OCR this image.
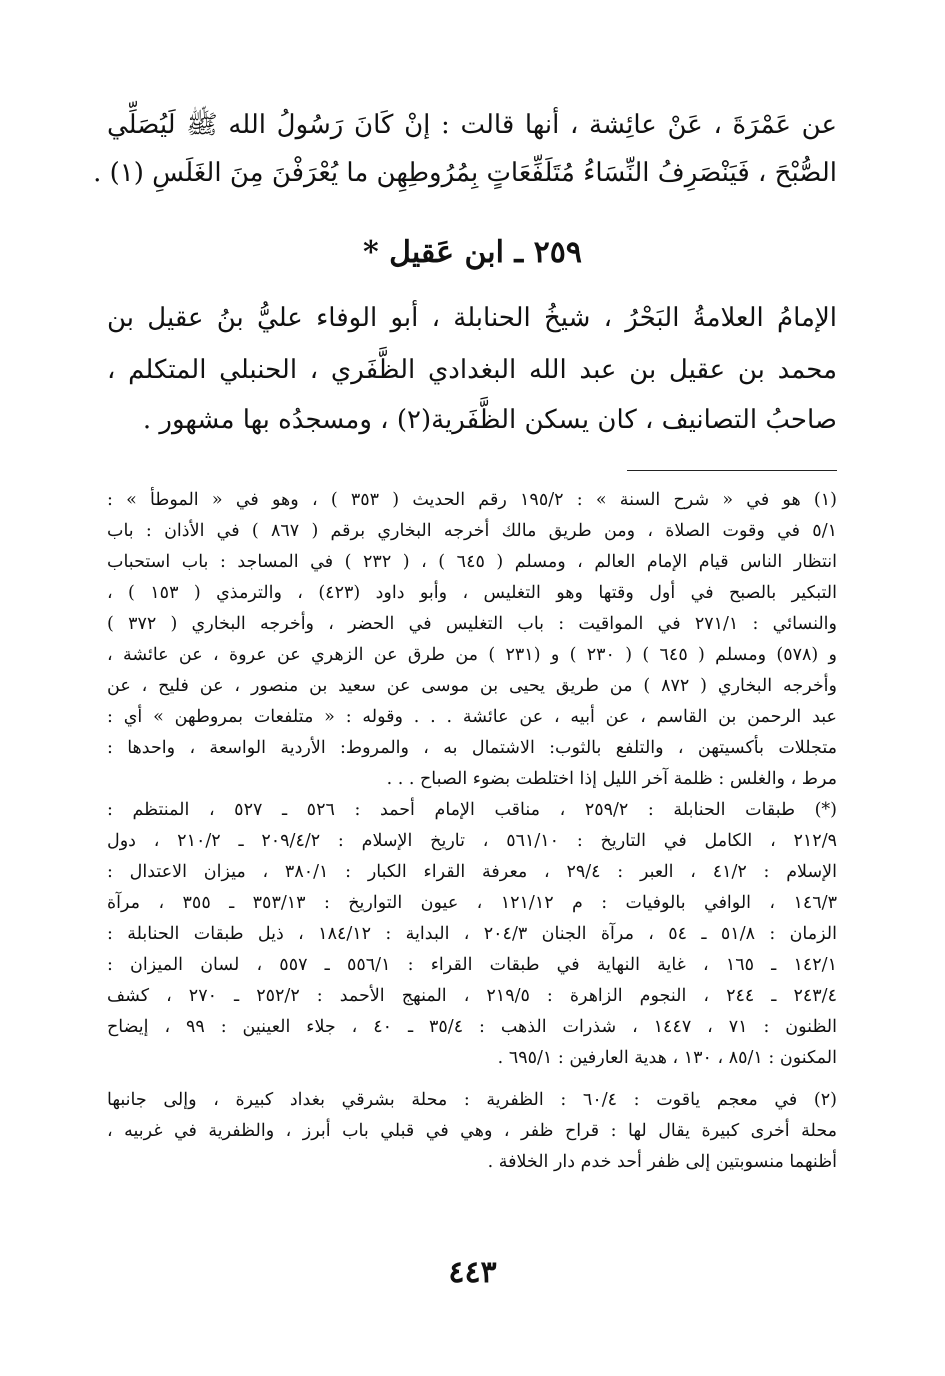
عن عَمْرَةَ ، عَنْ عائِشة ، أنها قالت : إنْ كَانَ رَسُولُ الله ﷺ لَيُصَلِّي
الصُّبْحَ ، فَيَنْصَرِفُ النِّسَاءُ مُتَلَفِّعَاتٍ بِمُرُوطِهِن ما يُعْرَفْنَ مِنَ الغَلَسِ (١) .
٢٥٩ ـ ابن عَقيل *
الإمامُ العلامةُ البَحْرُ ، شيخُ الحنابلة ، أبو الوفاء عليُّ بنُ عقيل بن
محمد بن عقيل بن عبد الله البغدادي الظَّفَري ، الحنبلي المتكلم ،
صاحبُ التصانيف ، كان يسكن الظَّفَرية(٢) ، ومسجدُه بها مشهور .
(١) هو في « شرح السنة » : ١٩٥/٢ رقم الحديث ( ٣٥٣ ) ، وهو في « الموطأ » :
٥/١ في وقوت الصلاة ، ومن طريق مالك أخرجه البخاري برقم ( ٨٦٧ ) في الأذان : باب
انتظار الناس قيام الإمام العالم ، ومسلم ( ٦٤٥ ) ، ( ٢٣٢ ) في المساجد : باب استحباب
التبكير بالصبح في أول وقتها وهو التغليس ، وأبو داود (٤٢٣) ، والترمذي ( ١٥٣ ) ،
والنسائي : ٢٧١/١ في المواقيت : باب التغليس في الحضر ، وأخرجه البخاري ( ٣٧٢ )
و (٥٧٨) ومسلم ( ٦٤٥ ) ( ٢٣٠ ) و (٢٣١ ) من طرق عن الزهري عن عروة ، عن عائشة ،
وأخرجه البخاري ( ٨٧٢ ) من طريق يحيى بن موسى عن سعيد بن منصور ، عن فليح ، عن
عبد الرحمن بن القاسم ، عن أبيه ، عن عائشة . . . وقوله : « متلفعات بمروطهن » أي :
متجللات بأكسيتهن ، والتلفع بالثوب: الاشتمال به ، والمروط: الأردية الواسعة ، واحدها :
مرط ، والغلس : ظلمة آخر الليل إذا اختلطت بضوء الصباح . . .
(*) طبقات الحنابلة : ٢٥٩/٢ ، مناقب الإمام أحمد : ٥٢٦ ـ ٥٢٧ ، المنتظم :
٢١٢/٩ ، الكامل في التاريخ : ٥٦١/١٠ ، تاريخ الإسلام : ٢٠٩/٤/٢ ـ ٢١٠/٢ ، دول
الإسلام : ٤١/٢ ، العبر : ٢٩/٤ ، معرفة القراء الكبار : ٣٨٠/١ ، ميزان الاعتدال :
١٤٦/٣ ، الوافي بالوفيات : م ١٢١/١٢ ، عيون التواريخ : ٣٥٣/١٣ ـ ٣٥٥ ، مرآة
الزمان : ٥١/٨ ـ ٥٤ ، مرآة الجنان ٢٠٤/٣ ، البداية : ١٨٤/١٢ ، ذيل طبقات الحنابلة :
١٤٢/١ ـ ١٦٥ ، غاية النهاية في طبقات القراء : ٥٥٦/١ ـ ٥٥٧ ، لسان الميزان :
٢٤٣/٤ ـ ٢٤٤ ، النجوم الزاهرة : ٢١٩/٥ ، المنهج الأحمد : ٢٥٢/٢ ـ ٢٧٠ ، كشف
الظنون : ٧١ ، ١٤٤٧ ، شذرات الذهب : ٣٥/٤ ـ ٤٠ ، جلاء العينين : ٩٩ ، إيضاح
المكنون : ٨٥/١ ، ١٣٠ ، هدية العارفين : ٦٩٥/١ .
(٢) في معجم ياقوت : ٦٠/٤ : الظفرية : محلة بشرقي بغداد كبيرة ، وإلى جانبها
محلة أخرى كبيرة يقال لها : قراح ظفر ، وهي في قبلي باب أبرز ، والظفرية في غربيه ،
أظنهما منسوبتين إلى ظفر أحد خدم دار الخلافة .
٤٤٣
